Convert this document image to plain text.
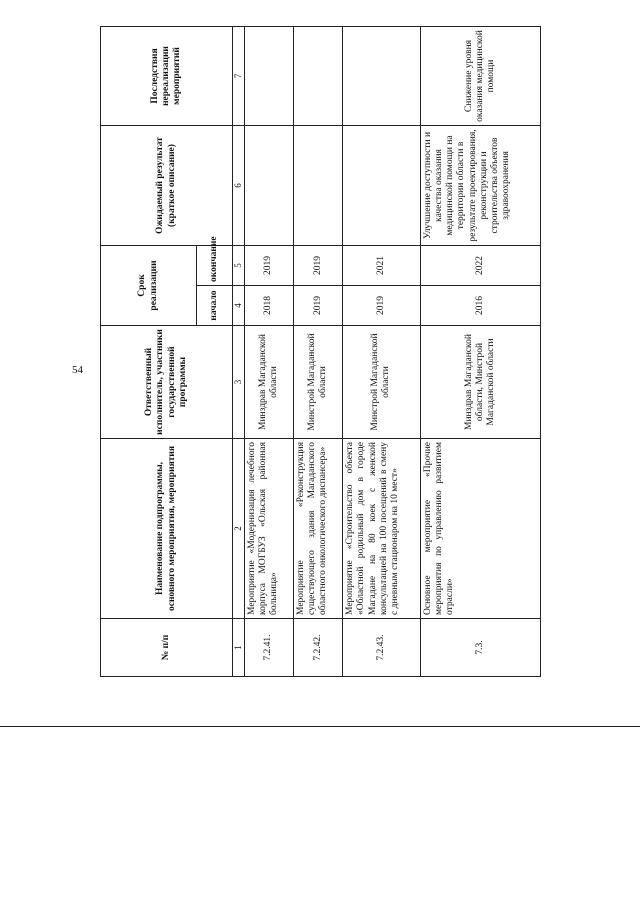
54
№ п/п	Наименование подпрограммы, основного мероприятия, мероприятия	Ответственный исполнитель, участники государственной программы	Срок реализации		Ожидаемый результат (краткое описание)	Последствия нереализации мероприятий
			начало	окончание		
1	2	3	4	5	6	7
7.2.41.	Мероприятие «Модернизация лечебного корпуса МОГБУЗ «Ольская районная больница»	Минздрав Магаданской области	2018	2019		
7.2.42.	Мероприятие «Реконструкция существующего здания Магаданского областного онкологического диспансера»	Минстрой Магаданской области	2019	2019		
7.2.43.	Мероприятие «Строительство объекта «Областной родильный дом в городе Магадане на 80 коек с женской консультацией на 100 посещений в смену с дневным стационаром на 10 мест»	Минстрой Магаданской области	2019	2021		
7.3.	Основное мероприятие «Прочие мероприятия по управлению развитием отрасли»	Минздрав Магаданской области, Минстрой Магаданской области	2016	2022	Улучшение доступности и качества оказания медицинской помощи на территории области в результате проектирования, реконструкции и строительства объектов здравоохранения	Снижение уровня оказания медицинской помощи
